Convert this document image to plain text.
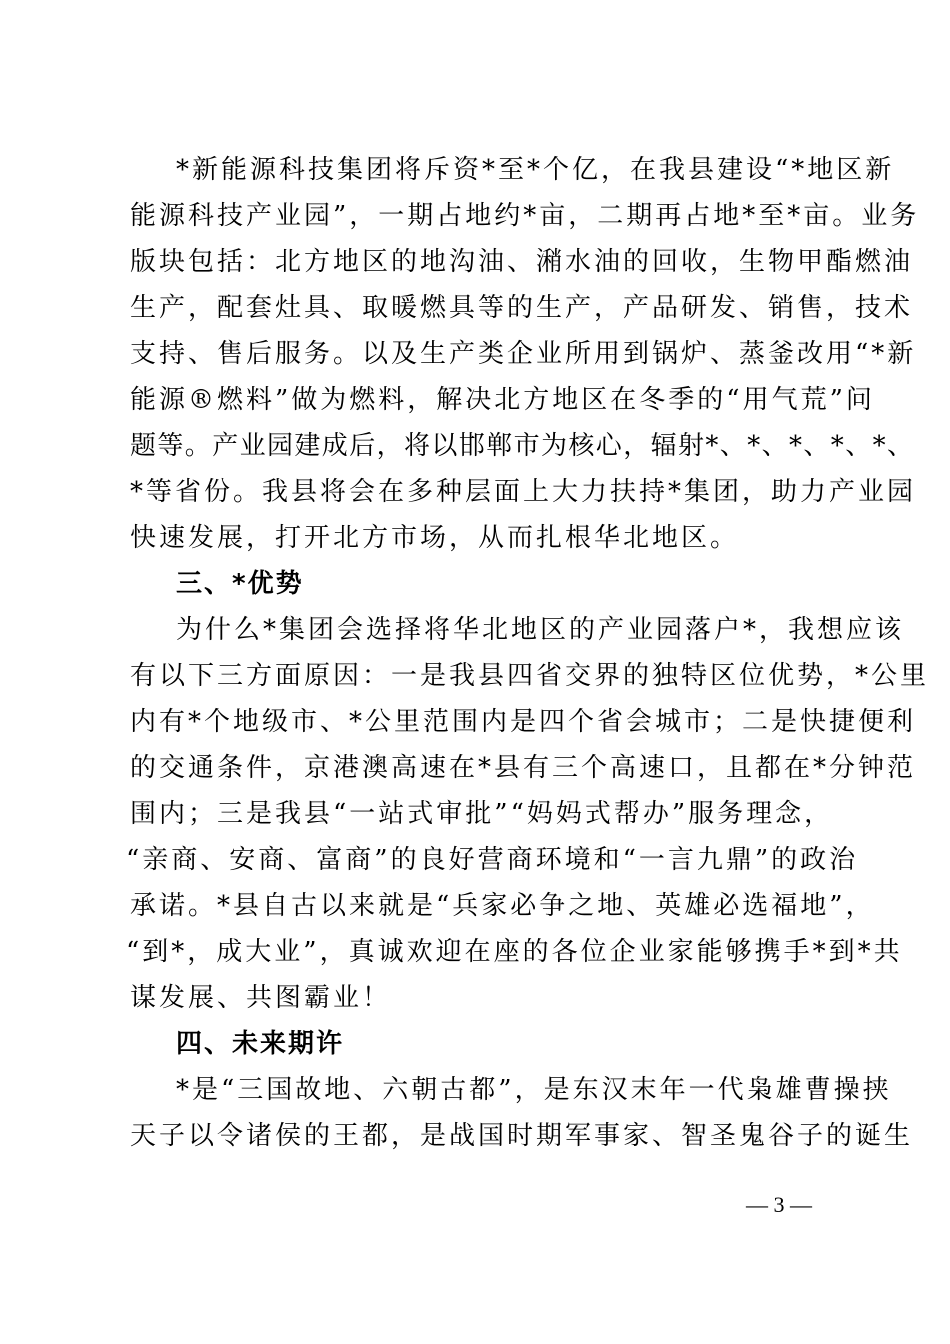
*新能源科技集团将斥资*至*个亿，在我县建设“*地区新
能源科技产业园”，一期占地约*亩，二期再占地*至*亩。业务
版块包括：北方地区的地沟油、潲水油的回收，生物甲酯燃油
生产，配套灶具、取暖燃具等的生产，产品研发、销售，技术
支持、售后服务。以及生产类企业所用到锅炉、蒸釜改用“*新
能源®燃料”做为燃料，解决北方地区在冬季的“用气荒”问
题等。产业园建成后，将以邯郸市为核心，辐射*、*、*、*、*、
*等省份。我县将会在多种层面上大力扶持*集团，助力产业园
快速发展，打开北方市场，从而扎根华北地区。
三、*优势
为什么*集团会选择将华北地区的产业园落户*，我想应该
有以下三方面原因：一是我县四省交界的独特区位优势，*公里
内有*个地级市、*公里范围内是四个省会城市；二是快捷便利
的交通条件，京港澳高速在*县有三个高速口，且都在*分钟范
围内；三是我县“一站式审批”“妈妈式帮办”服务理念，
“亲商、安商、富商”的良好营商环境和“一言九鼎”的政治
承诺。*县自古以来就是“兵家必争之地、英雄必选福地”，
“到*，成大业”，真诚欢迎在座的各位企业家能够携手*到*共
谋发展、共图霸业！
四、未来期许
*是“三国故地、六朝古都”，是东汉末年一代枭雄曹操挟
天子以令诸侯的王都，是战国时期军事家、智圣鬼谷子的诞生
— 3 —
